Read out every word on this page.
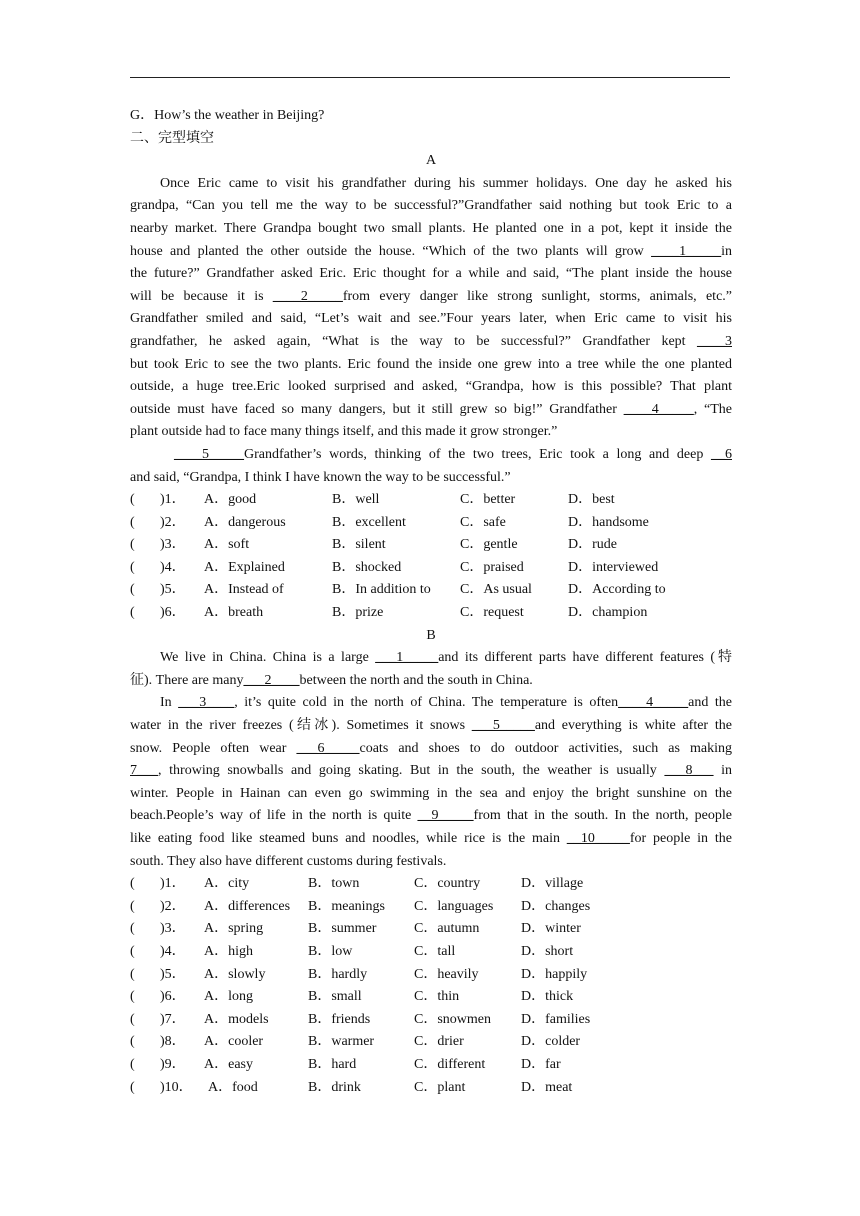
G．How’s the weather in Beijing?
二、完型填空
A
Once Eric came to visit his grandfather during his summer holidays. One day he asked his
grandpa, “Can you tell me the way to be successful?”Grandfather said nothing but took Eric to a
nearby market. There Grandpa bought two small plants. He planted one in a pot, kept it inside the
house and planted the other outside the house. “Which of the two plants will grow ____1_____in
the future?” Grandfather asked Eric. Eric thought for a while and said, “The plant inside the house
will be because it is ____2_____from every danger like strong sunlight, storms, animals, etc.”
Grandfather smiled and said, “Let’s wait and see.”Four years later, when Eric came to visit his
grandfather, he asked again, “What is the way to be successful?” Grandfather kept ____3
but took Eric to see the two plants. Eric found the inside one grew into a tree while the one planted
outside, a huge tree.Eric looked surprised and asked, “Grandpa, how is this possible? That plant
outside must have faced so many dangers, but it still grew so big!” Grandfather ____4_____, “The
plant outside had to face many things itself, and this made it grow stronger.”
____5_____Grandfather’s words, thinking of the two trees, Eric took a long and deep __6
and said, “Grandpa, I think I have known the way to be successful.”
(	)1．	A．good	B．well	C．better	D．best
(	)2．	A．dangerous	B．excellent	C．safe	D．handsome
(	)3．	A．soft	B．silent	C．gentle	D．rude
(	)4．	A．Explained	B．shocked	C．praised	D．interviewed
(	)5．	A．Instead of	B．In addition to	C．As usual	D．According to
(	)6．	A．breath	B．prize	C．request	D．champion
B
We live in China. China is a large ___1_____and its different parts have different features (特
征). There are many___2____between the north and the south in China.
In ___3____, it’s quite cold in the north of China. The temperature is often____4_____and the
water in the river freezes (结冰). Sometimes it snows ___5_____and everything is white after the
snow. People often wear ___6_____coats and shoes to do outdoor activities, such as making
7___, throwing snowballs and going skating. But in the south, the weather is usually ___8___ in
winter. People in Hainan can even go swimming in the sea and enjoy the bright sunshine on the
beach.People’s way of life in the north is quite __9_____from that in the south. In the north, people
like eating food like steamed buns and noodles, while rice is the main __10_____for people in the
south. They also have different customs during festivals.
(	)1．	A．city	B．town	C．country	D．village
(	)2．	A．differences	B．meanings	C．languages	D．changes
(	)3．	A．spring	B．summer	C．autumn	D．winter
(	)4．	A．high	B．low	C．tall	D．short
(	)5．	A．slowly	B．hardly	C．heavily	D．happily
(	)6．	A．long	B．small	C．thin	D．thick
(	)7．	A．models	B．friends	C．snowmen	D．families
(	)8．	A．cooler	B．warmer	C．drier	D．colder
(	)9．	A．easy	B．hard	C．different	D．far
(	)10．	A．food	B．drink	C．plant	D．meat
